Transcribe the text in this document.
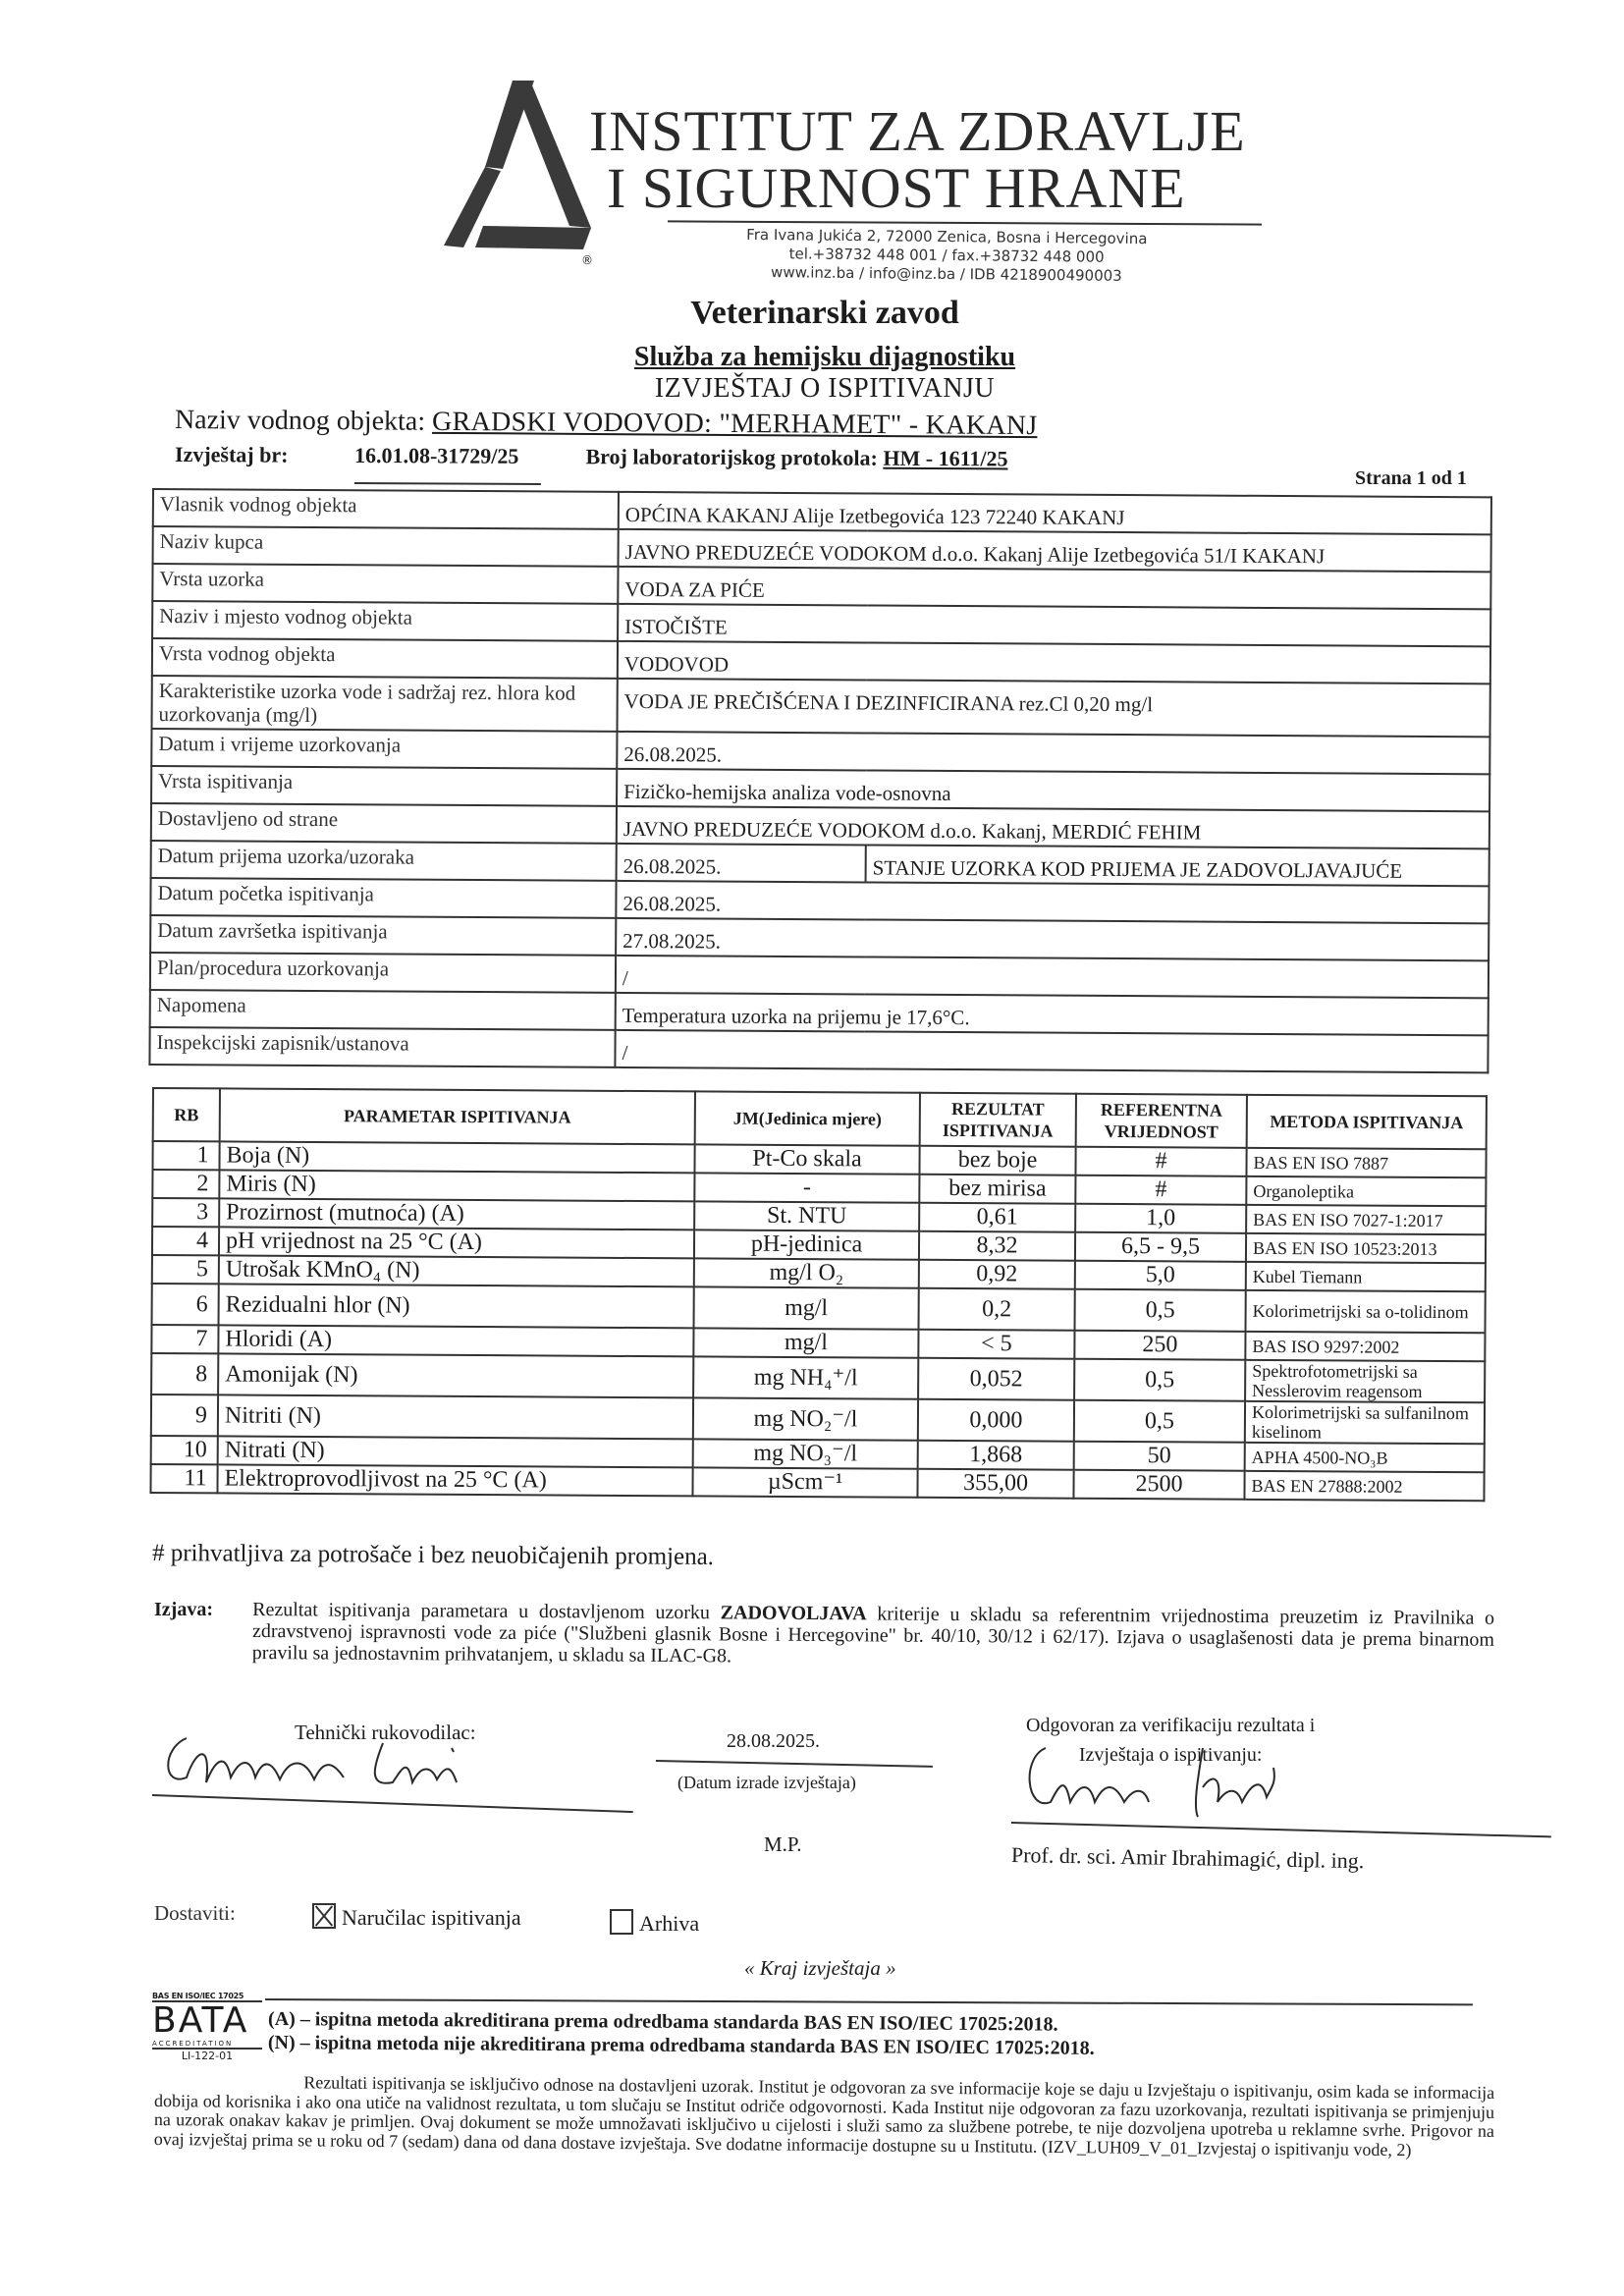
®
INSTITUT ZA ZDRAVLJE
I SIGURNOST HRANE
Fra Ivana Jukića 2, 72000 Zenica, Bosna i Hercegovina
tel.+38732 448 001 / fax.+38732 448 000
www.inz.ba / info@inz.ba / IDB 4218900490003
Veterinarski zavod
Služba za hemijsku dijagnostiku
IZVJEŠTAJ O ISPITIVANJU
Naziv vodnog objekta: GRADSKI VODOVOD: "MERHAMET" - KAKANJ
Izvještaj br:	16.01.08-31729/25	Broj laboratorijskog protokola: HM - 1611/25
Strana 1 od 1
Vlasnik vodnog objekta	OPĆINA KAKANJ Alije Izetbegovića 123 72240 KAKANJ	
Naziv kupca	JAVNO PREDUZEĆE VODOKOM d.o.o. Kakanj Alije Izetbegovića 51/I KAKANJ	
Vrsta uzorka	VODA ZA PIĆE	
Naziv i mjesto vodnog objekta	ISTOČIŠTE	
Vrsta vodnog objekta	VODOVOD	
Karakteristike uzorka vode i sadržaj rez. hlora kod uzorkovanja (mg/l)	VODA JE PREČIŠĆENA I DEZINFICIRANA rez.Cl 0,20 mg/l	
Datum i vrijeme uzorkovanja	26.08.2025.	
Vrsta ispitivanja	Fizičko-hemijska analiza vode-osnovna	
Dostavljeno od strane	JAVNO PREDUZEĆE VODOKOM d.o.o. Kakanj, MERDIĆ FEHIM	
Datum prijema uzorka/uzoraka	26.08.2025.	STANJE UZORKA KOD PRIJEMA JE ZADOVOLJAVAJUĆE
Datum početka ispitivanja	26.08.2025.	
Datum završetka ispitivanja	27.08.2025.	
Plan/procedura uzorkovanja	/	
Napomena	Temperatura uzorka na prijemu je 17,6°C.	
Inspekcijski zapisnik/ustanova	/	
RB	PARAMETAR ISPITIVANJA	JM(Jedinica mjere)	REZULTAT ISPITIVANJA	REFERENTNA VRIJEDNOST	METODA ISPITIVANJA
1	Boja (N)	Pt-Co skala	bez boje	#	BAS EN ISO 7887
2	Miris (N)	-	bez mirisa	#	Organoleptika
3	Prozirnost (mutnoća) (A)	St. NTU	0,61	1,0	BAS EN ISO 7027-1:2017
4	pH vrijednost na 25 °C (A)	pH-jedinica	8,32	6,5 - 9,5	BAS EN ISO 10523:2013
5	Utrošak KMnO₄ (N)	mg/l O₂	0,92	5,0	Kubel Tiemann
6	Rezidualni hlor (N)	mg/l	0,2	0,5	Kolorimetrijski sa o-tolidinom
7	Hloridi (A)	mg/l	< 5	250	BAS ISO 9297:2002
8	Amonijak (N)	mg NH₄⁺/l	0,052	0,5	Spektrofotometrijski sa Nesslerovim reagensom
9	Nitriti (N)	mg NO₂⁻/l	0,000	0,5	Kolorimetrijski sa sulfanilnom kiselinom
10	Nitrati (N)	mg NO₃⁻/l	1,868	50	APHA 4500-NO₃B
11	Elektroprovodljivost na 25 °C (A)	µScm⁻¹	355,00	2500	BAS EN 27888:2002
# prihvatljiva za potrošače i bez neuobičajenih promjena.
Izjava: Rezultat ispitivanja parametara u dostavljenom uzorku ZADOVOLJAVA kriterije u skladu sa referentnim vrijednostima preuzetim iz Pravilnika o zdravstvenoj ispravnosti vode za piće ("Službeni glasnik Bosne i Hercegovine" br. 40/10, 30/12 i 62/17). Izjava o usaglašenosti data je prema binarnom pravilu sa jednostavnim prihvatanjem, u skladu sa ILAC-G8.
Tehnički rukovodilac:	28.08.2025.
(Datum izrade izvještaja)
M.P.
Odgovoran za verifikaciju rezultata i
Izvještaja o ispitivanju:
Prof. dr. sci. Amir Ibrahimagić, dipl. ing.
Dostaviti:	Naručilac ispitivanja	Arhiva
« Kraj izvještaja »
BAS EN ISO/IEC 17025
BATA
ACCREDITATION
LI-122-01
(A) – ispitna metoda akreditirana prema odredbama standarda BAS EN ISO/IEC 17025:2018.
(N) – ispitna metoda nije akreditirana prema odredbama standarda BAS EN ISO/IEC 17025:2018.
Rezultati ispitivanja se isključivo odnose na dostavljeni uzorak. Institut je odgovoran za sve informacije koje se daju u Izvještaju o ispitivanju, osim kada se informacija dobija od korisnika i ako ona utiče na validnost rezultata, u tom slučaju se Institut odriče odgovornosti. Kada Institut nije odgovoran za fazu uzorkovanja, rezultati ispitivanja se primjenjuju na uzorak onakav kakav je primljen. Ovaj dokument se može umnožavati isključivo u cijelosti i služi samo za službene potrebe, te nije dozvoljena upotreba u reklamne svrhe. Prigovor na ovaj izvještaj prima se u roku od 7 (sedam) dana od dana dostave izvještaja. Sve dodatne informacije dostupne su u Institutu. (IZV_LUH09_V_01_Izvjestaj o ispitivanju vode, 2)
